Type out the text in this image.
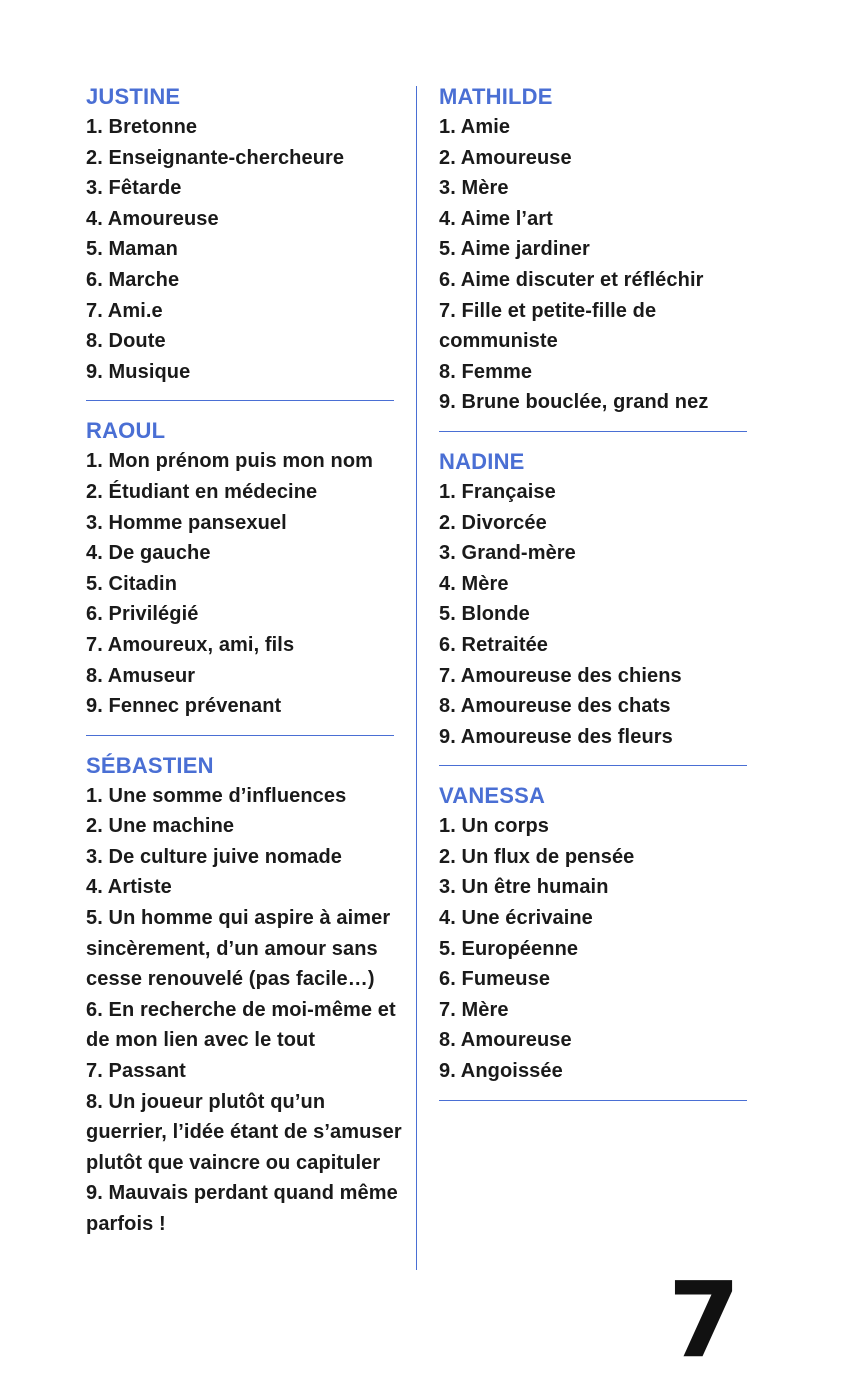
JUSTINE
1. Bretonne
2. Enseignante-chercheure
3. Fêtarde
4. Amoureuse
5. Maman
6. Marche
7. Ami.e
8. Doute
9. Musique
RAOUL
1. Mon prénom puis mon nom
2. Étudiant en médecine
3. Homme pansexuel
4. De gauche
5. Citadin
6. Privilégié
7. Amoureux, ami, fils
8. Amuseur
9. Fennec prévenant
SÉBASTIEN
1. Une somme d’influences
2. Une machine
3. De culture juive nomade
4. Artiste
5. Un homme qui aspire à aimer sincèrement, d’un amour sans cesse renouvelé (pas facile…)
6. En recherche de moi-même et de mon lien avec le tout
7. Passant
8. Un joueur plutôt qu’un guerrier, l’idée étant de s’amuser plutôt que vaincre ou capituler
9. Mauvais perdant quand même parfois !
MATHILDE
1. Amie
2. Amoureuse
3. Mère
4. Aime l’art
5. Aime jardiner
6. Aime discuter et réfléchir
7. Fille et petite-fille de communiste
8. Femme
9. Brune bouclée, grand nez
NADINE
1. Française
2. Divorcée
3. Grand-mère
4. Mère
5. Blonde
6. Retraitée
7. Amoureuse des chiens
8. Amoureuse des chats
9. Amoureuse des fleurs
VANESSA
1. Un corps
2. Un flux de pensée
3. Un être humain
4. Une écrivaine
5. Européenne
6. Fumeuse
7. Mère
8. Amoureuse
9. Angoissée
7
